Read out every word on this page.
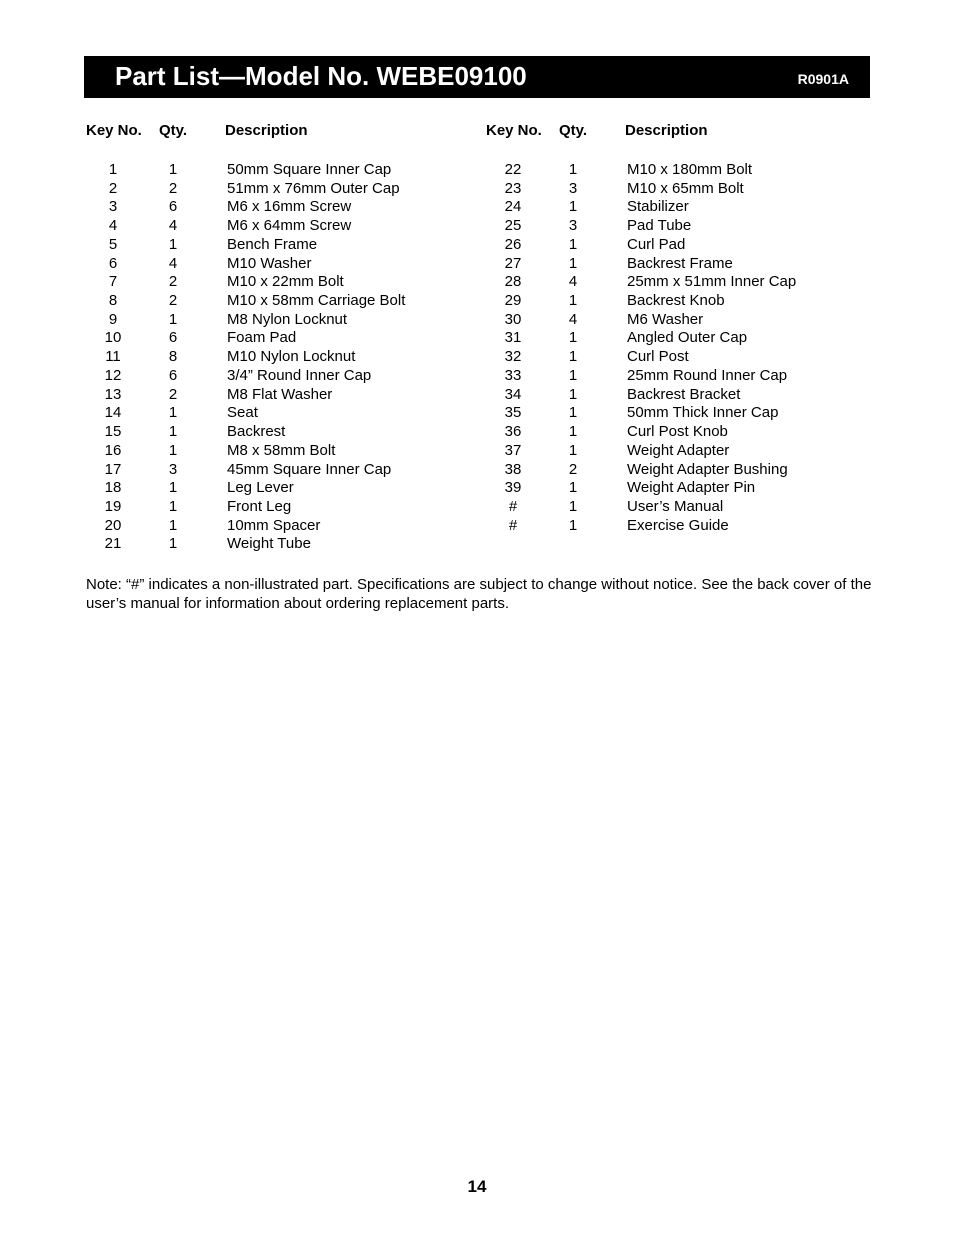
Part List—Model No. WEBE09100	R0901A
Key No. Qty.	Description
1	1	50mm Square Inner Cap
2	2	51mm x 76mm Outer Cap
3	6	M6 x 16mm Screw
4	4	M6 x 64mm Screw
5	1	Bench Frame
6	4	M10 Washer
7	2	M10 x 22mm Bolt
8	2	M10 x 58mm Carriage Bolt
9	1	M8 Nylon Locknut
10	6	Foam Pad
11	8	M10 Nylon Locknut
12	6	3/4” Round Inner Cap
13	2	M8 Flat Washer
14	1	Seat
15	1	Backrest
16	1	M8 x 58mm Bolt
17	3	45mm Square Inner Cap
18	1	Leg Lever
19	1	Front Leg
20	1	10mm Spacer
21	1	Weight Tube
Key No. Qty.	Description
22	1	M10 x 180mm Bolt
23	3	M10 x 65mm Bolt
24	1	Stabilizer
25	3	Pad Tube
26	1	Curl Pad
27	1	Backrest Frame
28	4	25mm x 51mm Inner Cap
29	1	Backrest Knob
30	4	M6 Washer
31	1	Angled Outer Cap
32	1	Curl Post
33	1	25mm Round Inner Cap
34	1	Backrest Bracket
35	1	50mm Thick Inner Cap
36	1	Curl Post Knob
37	1	Weight Adapter
38	2	Weight Adapter Bushing
39	1	Weight Adapter Pin
#	1	User’s Manual
#	1	Exercise Guide
Note: “#” indicates a non-illustrated part. Specifications are subject to change without notice. See the back cover of the user’s manual for information about ordering replacement parts.
14
